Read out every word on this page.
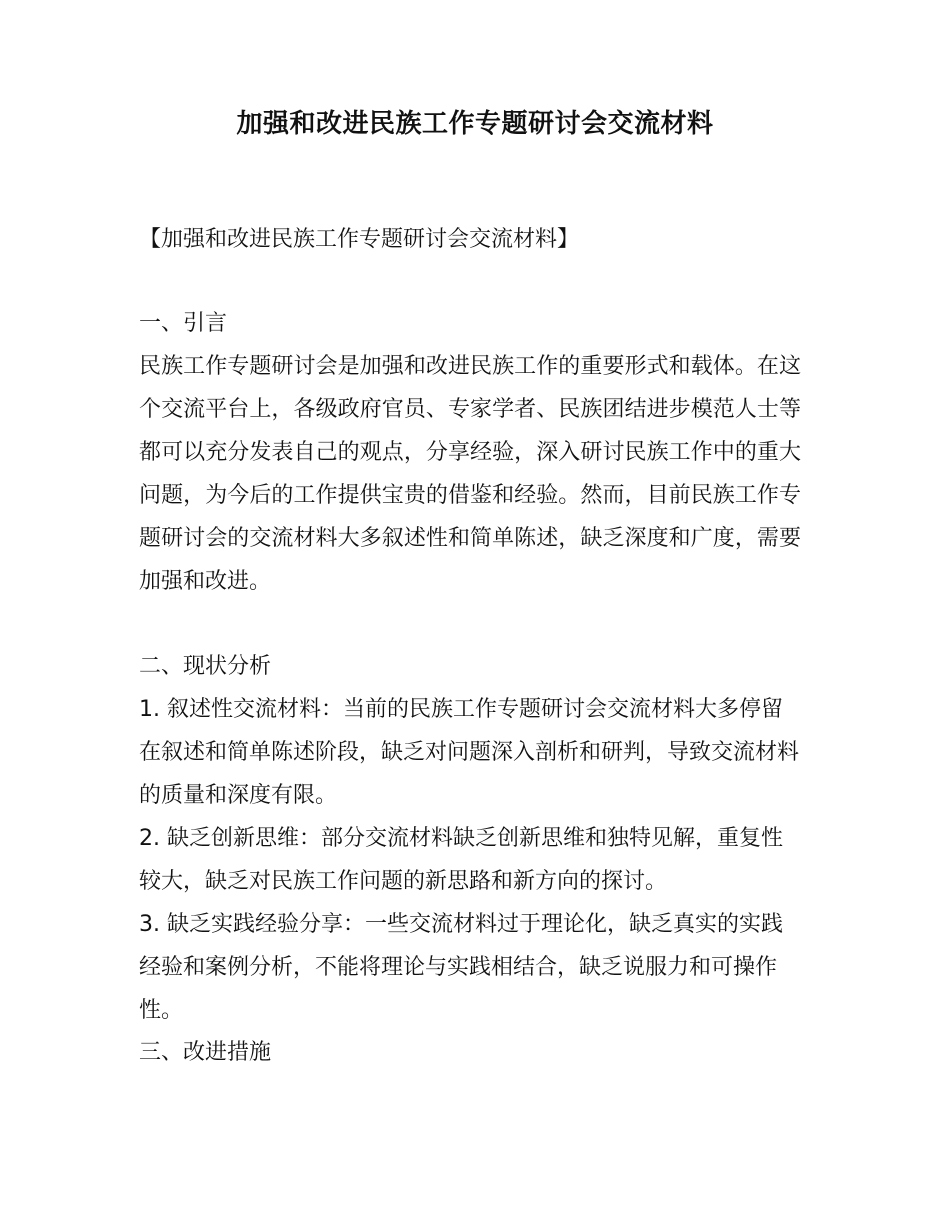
加强和改进民族工作专题研讨会交流材料
【加强和改进民族工作专题研讨会交流材料】
一、引言
民族工作专题研讨会是加强和改进民族工作的重要形式和载体。在这个交流平台上，各级政府官员、专家学者、民族团结进步模范人士等都可以充分发表自己的观点，分享经验，深入研讨民族工作中的重大问题，为今后的工作提供宝贵的借鉴和经验。然而，目前民族工作专题研讨会的交流材料大多叙述性和简单陈述，缺乏深度和广度，需要加强和改进。
二、现状分析
1. 叙述性交流材料：当前的民族工作专题研讨会交流材料大多停留在叙述和简单陈述阶段，缺乏对问题深入剖析和研判，导致交流材料的质量和深度有限。
2. 缺乏创新思维：部分交流材料缺乏创新思维和独特见解，重复性较大，缺乏对民族工作问题的新思路和新方向的探讨。
3. 缺乏实践经验分享：一些交流材料过于理论化，缺乏真实的实践经验和案例分析，不能将理论与实践相结合，缺乏说服力和可操作性。
三、改进措施
